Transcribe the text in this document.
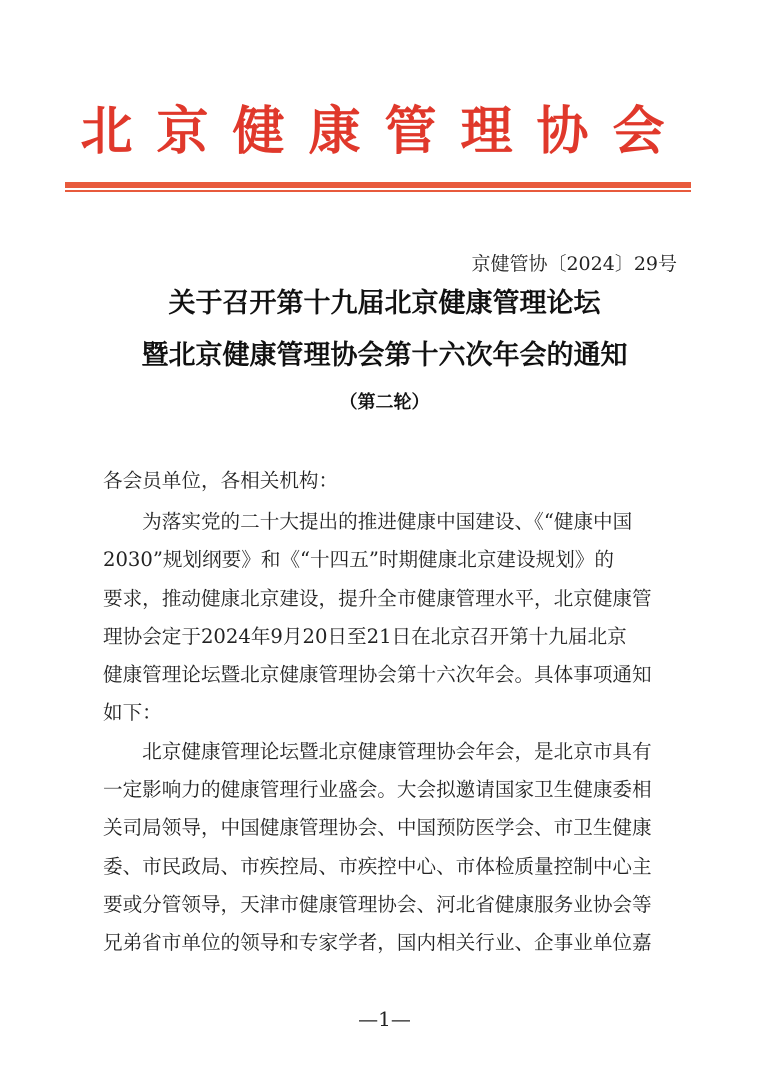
北京健康管理协会
京健管协〔2024〕29号
关于召开第十九届北京健康管理论坛
暨北京健康管理协会第十六次年会的通知
（第二轮）
各会员单位，各相关机构：
　　为落实党的二十大提出的推进健康中国建设、《“健康中国
2030”规划纲要》和《“十四五”时期健康北京建设规划》的
要求，推动健康北京建设，提升全市健康管理水平，北京健康管
理协会定于2024年9月20日至21日在北京召开第十九届北京
健康管理论坛暨北京健康管理协会第十六次年会。具体事项通知
如下：
　　北京健康管理论坛暨北京健康管理协会年会，是北京市具有
一定影响力的健康管理行业盛会。大会拟邀请国家卫生健康委相
关司局领导，中国健康管理协会、中国预防医学会、市卫生健康
委、市民政局、市疾控局、市疾控中心、市体检质量控制中心主
要或分管领导，天津市健康管理协会、河北省健康服务业协会等
兄弟省市单位的领导和专家学者，国内相关行业、企事业单位嘉
—1—
